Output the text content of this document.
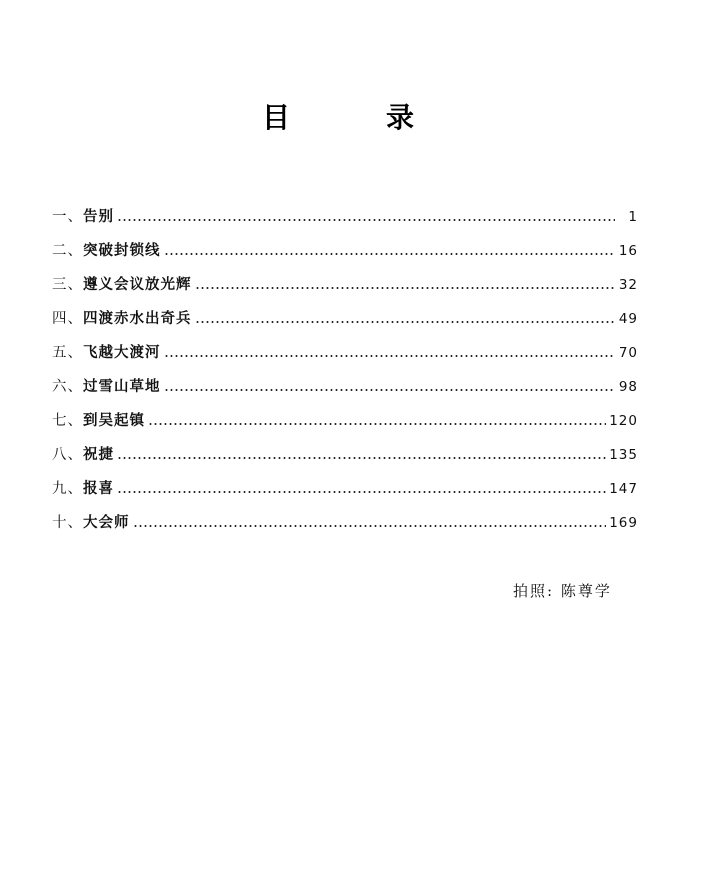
目	录
一、 告别	1
二、 突破封锁线	16
三、 遵义会议放光辉	32
四、 四渡赤水出奇兵	49
五、 飞越大渡河	70
六、 过雪山草地	98
七、 到吴起镇	120
八、 祝捷	135
九、 报喜	147
十、 大会师	169
拍照: 陈尊学
